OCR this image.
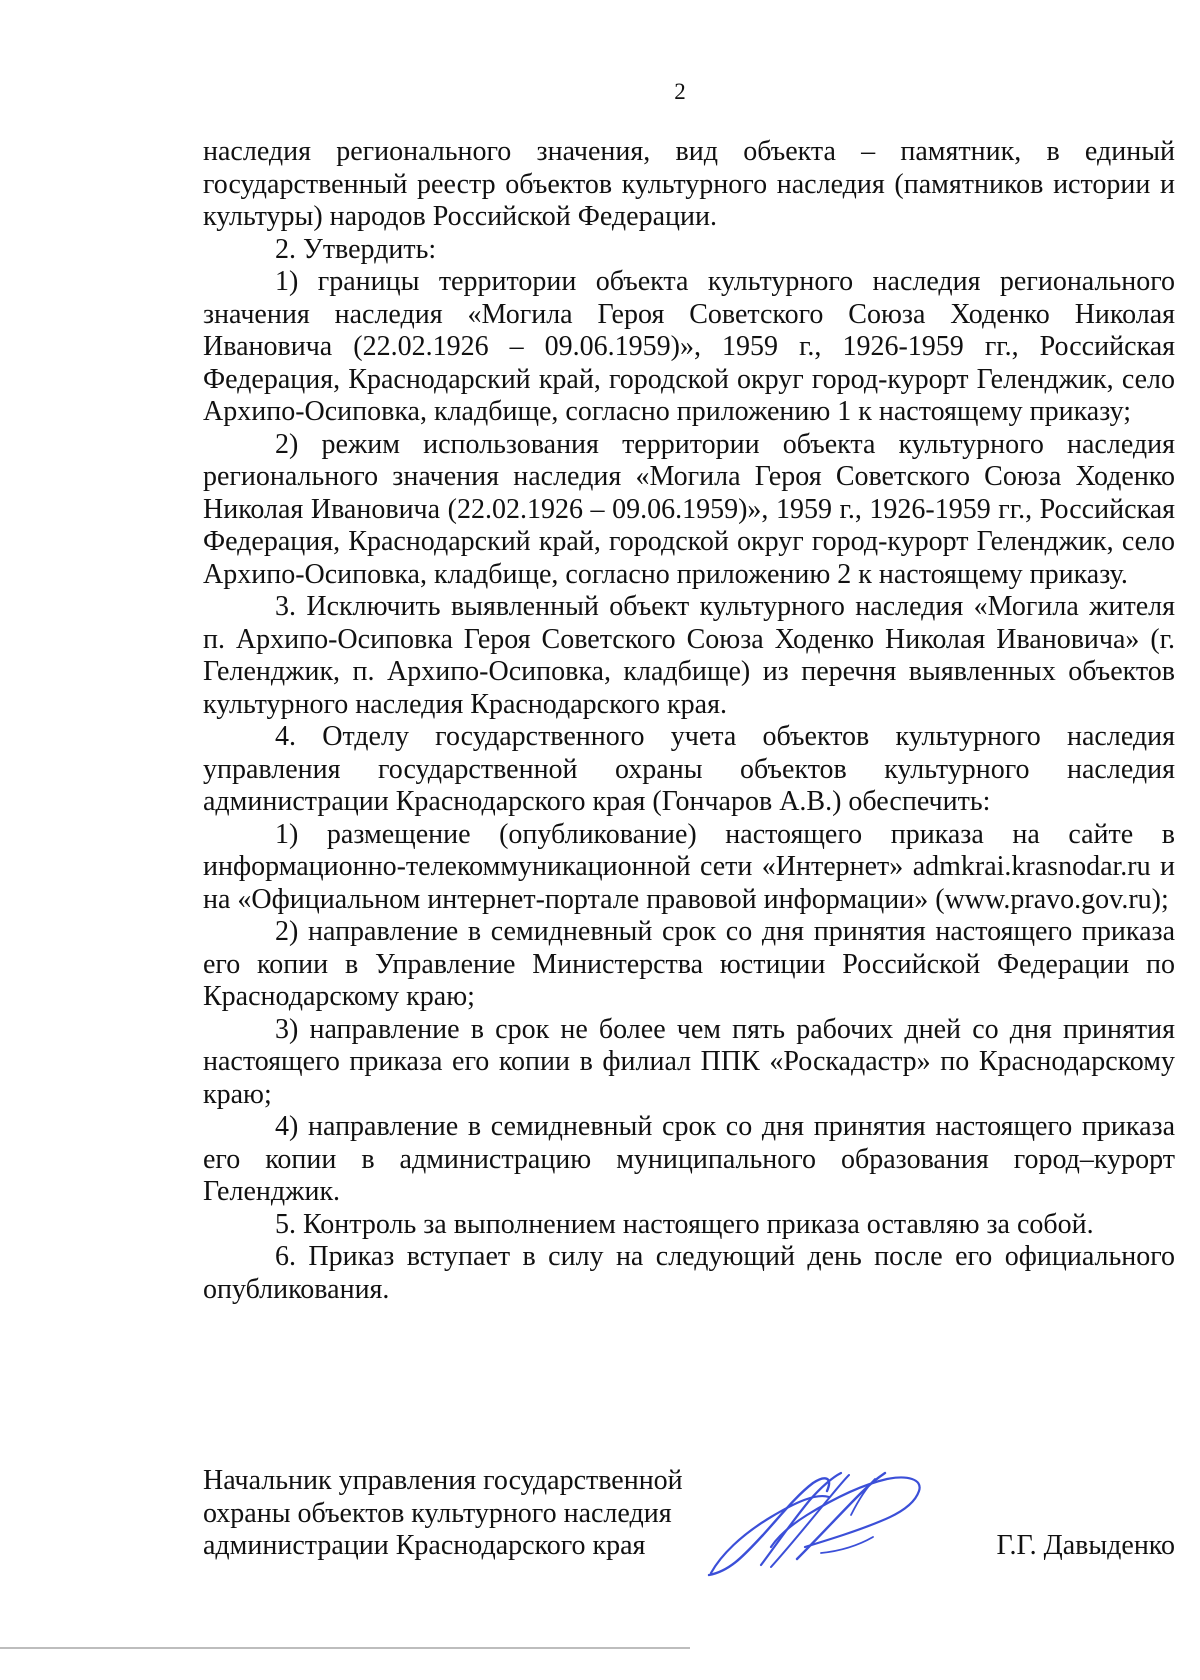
2

наследия регионального значения, вид объекта – памятник, в единый государственный реестр объектов культурного наследия (памятников истории и культуры) народов Российской Федерации.

2. Утвердить:

1) границы территории объекта культурного наследия регионального значения наследия «Могила Героя Советского Союза Ходенко Николая Ивановича (22.02.1926 – 09.06.1959)», 1959 г., 1926-1959 гг., Российская Федерация, Краснодарский край, городской округ город-курорт Геленджик, село Архипо-Осиповка, кладбище, согласно приложению 1 к настоящему приказу;

2) режим использования территории объекта культурного наследия регионального значения наследия «Могила Героя Советского Союза Ходенко Николая Ивановича (22.02.1926 – 09.06.1959)», 1959 г., 1926-1959 гг., Российская Федерация, Краснодарский край, городской округ город-курорт Геленджик, село Архипо-Осиповка, кладбище, согласно приложению 2 к настоящему приказу.

3. Исключить выявленный объект культурного наследия «Могила жителя п. Архипо-Осиповка Героя Советского Союза Ходенко Николая Ивановича» (г. Геленджик, п. Архипо-Осиповка, кладбище) из перечня выявленных объектов культурного наследия Краснодарского края.

4. Отделу государственного учета объектов культурного наследия управления государственной охраны объектов культурного наследия администрации Краснодарского края (Гончаров А.В.) обеспечить:

1) размещение (опубликование) настоящего приказа на сайте в информационно-телекоммуникационной сети «Интернет» admkrai.krasnodar.ru и на «Официальном интернет-портале правовой информации» (www.pravo.gov.ru);

2) направление в семидневный срок со дня принятия настоящего приказа его копии в Управление Министерства юстиции Российской Федерации по Краснодарскому краю;

3) направление в срок не более чем пять рабочих дней со дня принятия настоящего приказа его копии в филиал ППК «Роскадастр» по Краснодарскому краю;

4) направление в семидневный срок со дня принятия настоящего приказа его копии в администрацию муниципального образования город–курорт Геленджик.

5. Контроль за выполнением настоящего приказа оставляю за собой.

6. Приказ вступает в силу на следующий день после его официального опубликования.

Начальник управления государственной
охраны объектов культурного наследия
администрации Краснодарского края	Г.Г. Давыденко
